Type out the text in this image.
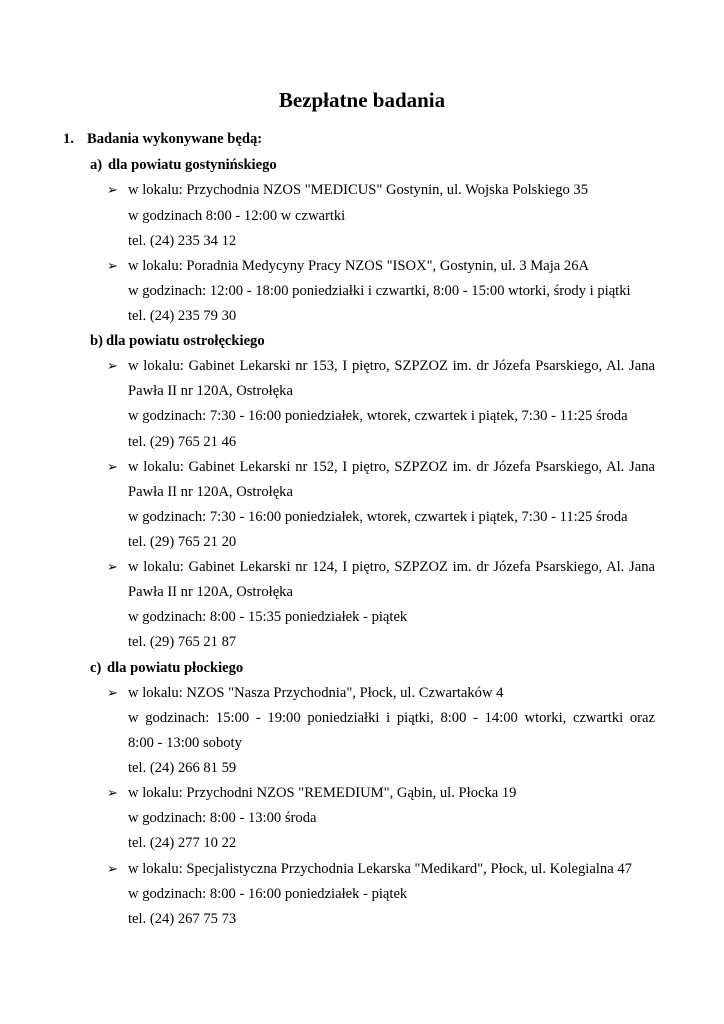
Bezpłatne badania
1. Badania wykonywane będą:
a) dla powiatu gostynińskiego
➢ w lokalu: Przychodnia NZOS "MEDICUS" Gostynin, ul. Wojska Polskiego 35
w godzinach 8:00 - 12:00 w czwartki
tel. (24) 235 34 12
➢ w lokalu: Poradnia Medycyny Pracy NZOS "ISOX", Gostynin, ul. 3 Maja 26A
w godzinach: 12:00 - 18:00 poniedziałki i czwartki, 8:00 - 15:00 wtorki, środy i piątki
tel. (24) 235 79 30
b) dla powiatu ostrołęckiego
➢ w lokalu: Gabinet Lekarski nr 153, I piętro, SZPZOZ im. dr Józefa Psarskiego, Al. Jana
Pawła II nr 120A, Ostrołęka
w godzinach: 7:30 - 16:00 poniedziałek, wtorek, czwartek i piątek, 7:30 - 11:25 środa
tel. (29) 765 21 46
➢ w lokalu: Gabinet Lekarski nr 152, I piętro, SZPZOZ im. dr Józefa Psarskiego, Al. Jana
Pawła II nr 120A, Ostrołęka
w godzinach: 7:30 - 16:00 poniedziałek, wtorek, czwartek i piątek, 7:30 - 11:25 środa
tel. (29) 765 21 20
➢ w lokalu: Gabinet Lekarski nr 124, I piętro, SZPZOZ im. dr Józefa Psarskiego, Al. Jana
Pawła II nr 120A, Ostrołęka
w godzinach: 8:00 - 15:35 poniedziałek - piątek
tel. (29) 765 21 87
c) dla powiatu płockiego
➢ w lokalu: NZOS "Nasza Przychodnia", Płock, ul. Czwartaków 4
w godzinach: 15:00 - 19:00 poniedziałki i piątki, 8:00 - 14:00 wtorki, czwartki oraz
8:00 - 13:00 soboty
tel. (24) 266 81 59
➢ w lokalu: Przychodni NZOS "REMEDIUM", Gąbin, ul. Płocka 19
w godzinach: 8:00 - 13:00 środa
tel. (24) 277 10 22
➢ w lokalu: Specjalistyczna Przychodnia Lekarska "Medikard", Płock, ul. Kolegialna 47
w godzinach: 8:00 - 16:00 poniedziałek - piątek
tel. (24) 267 75 73
